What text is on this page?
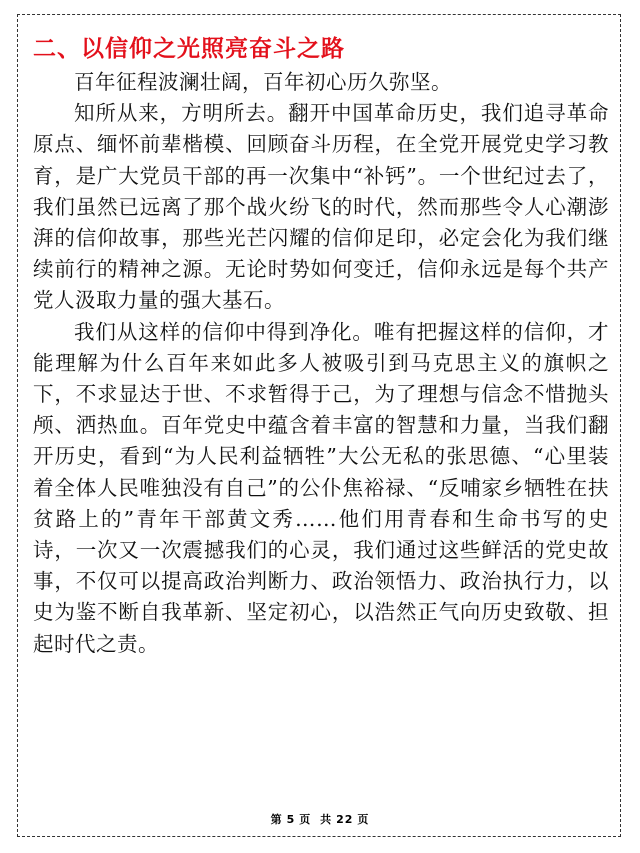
二、以信仰之光照亮奋斗之路

百年征程波澜壮阔，百年初心历久弥坚。

知所从来，方明所去。翻开中国革命历史，我们追寻革命原点、缅怀前辈楷模、回顾奋斗历程，在全党开展党史学习教育，是广大党员干部的再一次集中“补钙”。一个世纪过去了，我们虽然已远离了那个战火纷飞的时代，然而那些令人心潮澎湃的信仰故事，那些光芒闪耀的信仰足印，必定会化为我们继续前行的精神之源。无论时势如何变迁，信仰永远是每个共产党人汲取力量的强大基石。

我们从这样的信仰中得到净化。唯有把握这样的信仰，才能理解为什么百年来如此多人被吸引到马克思主义的旗帜之下，不求显达于世、不求暂得于己，为了理想与信念不惜抛头颅、洒热血。百年党史中蕴含着丰富的智慧和力量，当我们翻开历史，看到“为人民利益牺牲”大公无私的张思德、“心里装着全体人民唯独没有自己”的公仆焦裕禄、“反哺家乡牺牲在扶贫路上的”青年干部黄文秀……他们用青春和生命书写的史诗，一次又一次震撼我们的心灵，我们通过这些鲜活的党史故事，不仅可以提高政治判断力、政治领悟力、政治执行力，以史为鉴不断自我革新、坚定初心，以浩然正气向历史致敬、担起时代之责。

第 5 页 共 22 页
